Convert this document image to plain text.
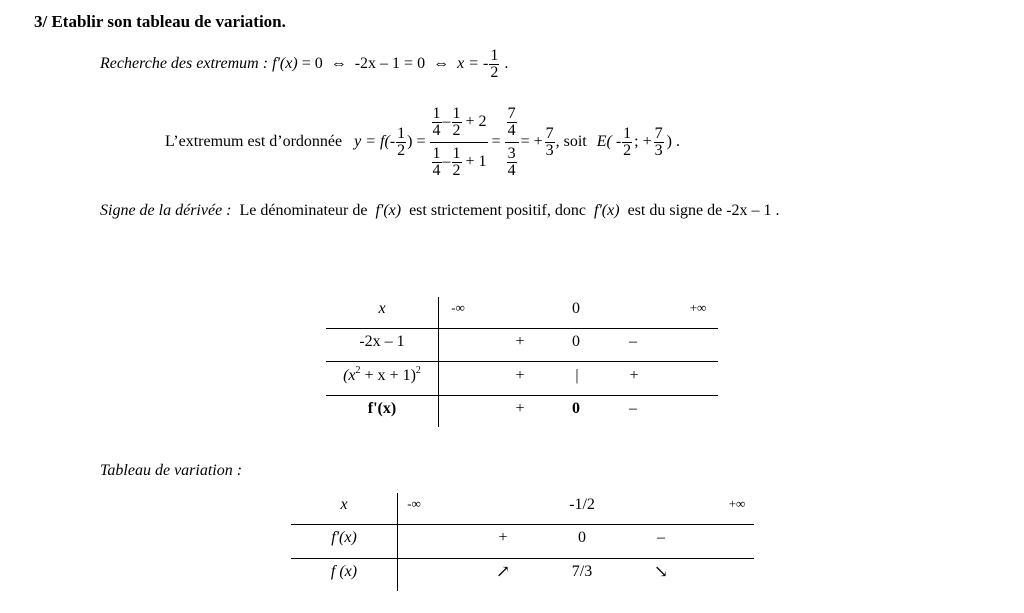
3/ Etablir son tableau de variation.
Recherche des extremum :
f'(x) = 0  ⇔ -2x – 1 = 0  ⇔ x = - $\frac{1}{2}$ .
L’extremum est d’ordonnée $y = f(- \frac{1}{2}$ ) = $\frac{\frac{1}{4} - \frac{1}{2} + 2}{\frac{1}{4} - \frac{1}{2} + 1} = \frac{\frac{7}{4}}{\frac{3}{4}}$ = + $\frac{7}{3}$ , soit $E( - \frac{1}{2}$ ; + $\frac{7}{3}$ ) .
Signe de la dérivée : Le dénominateur de f'(x) est strictement positif, donc f'(x) est du signe de -2x – 1 .
x	-∞	0	+∞
-2x – 1	+	0	–
$(x^2 + x + 1)^2$	+	|	+
f'(x)	+	0	–
Tableau de variation :
x	-∞	-1/2	+∞
f'(x)	+	0	–
f (x)	↗	7/3	↘
